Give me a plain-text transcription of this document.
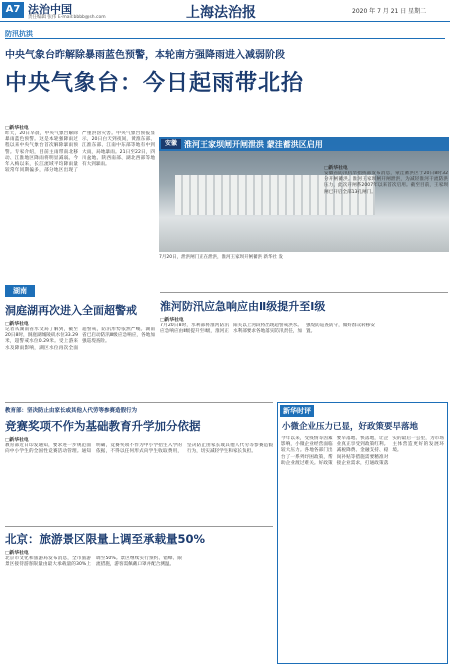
A7 法治中国
责任编辑 张伟 E-mail:bbbb@sh.com	上海法治报	2020 年 7 月 21 日 星期二
防汛抗洪
中央气象台昨解除暴雨蓝色预警，本轮南方强降雨进入减弱阶段
中央气象台：今日起雨带北抬
□新华社电
昨天，20日早晨，中央气象台解除暴雨蓝色预警。这是本轮强降雨过程以来中央气象台首次解除暴雨预警。专家介绍，目前主雨带南北移动、江淮地区降雨将明显减弱。今年入梅以来，长江流域平均降雨量较常年同期偏多，部分地区出现了严重洪涝灾害。中央气象台预报显示，20日白天到夜间，黄淮东部、江淮东部、江南中东部等地有中到大雨，局地暴雨。21日至22日，四川盆地、陕西南部、湖北西部等地有大到暴雨。
安徽 淮河王家坝闸开闸泄洪 蒙洼蓄洪区启用
7月20日，泄洪闸门正在泄洪，淮河王家坝开闸蓄洪 新华社 发
湖南
洞庭湖再次进入全面超警戒
□新华社电
记者从湖南省水文局了解到，截至20日8时，洞庭湖城陵矶水位33.29米，超警戒水位0.29米。受上游来水及降雨影响，湖区水位再次全面超警戒，防汛形势依然严峻。湖南省已启动防汛Ⅲ级应急响应，各地加强巡堤查险。
□新华社电
安徽省防汛抗旱指挥部发布消息，蒙洼蓄洪区于20日8时32分开闸蓄洪。淮河王家坝闸开闸泄洪，为减轻淮河干流防洪压力，此次开闸系2007年以来首次启用。截至目前，王家坝闸已开启全部13孔闸门。
淮河防汛应急响应由Ⅱ级提升至Ⅰ级
□新华社电
7月20日8时，水利部将淮河防汛应急响应由Ⅱ级提升至Ⅰ级，淮河正阳关以上河段将出现超警戒洪水。水利部要求各地落实防汛责任，加强堤防巡查防守，做好群众转移安置。
教育部：坚决防止由家长或其他人代劳等参赛造假行为
竞赛奖项不作为基础教育升学加分依据
□新华社电
教育部近日印发通知，要求进一步规范面向中小学生的全国性竞赛活动管理。通知明确，竞赛奖项不作为中小学招生入学的依据，不得以任何形式向学生收取费用，坚决防止由家长或其他人代劳等参赛造假行为，切实减轻学生和家长负担。
北京：旅游景区限量上调至承载量50%
□新华社电
北京市文化和旅游局发布消息，全市旅游景区接待游客限量由最大承载量的30%上调至50%。景区继续实行预约、错峰、限流措施，游客需佩戴口罩并配合测温。
新华时评
小微企业压力已显，好政策要早落地
今年以来，受疫情等因素影响，小微企业经营面临较大压力。各地各部门出台了一系列纾困政策，帮助企业渡过难关。好政策要早落地、快落地，让企业真正享受到政策红利。减税降费、金融支持、稳岗补贴等措施需要精准对接企业需求，打通政策落实的最后一公里，为市场主体营造更好的发展环境。
